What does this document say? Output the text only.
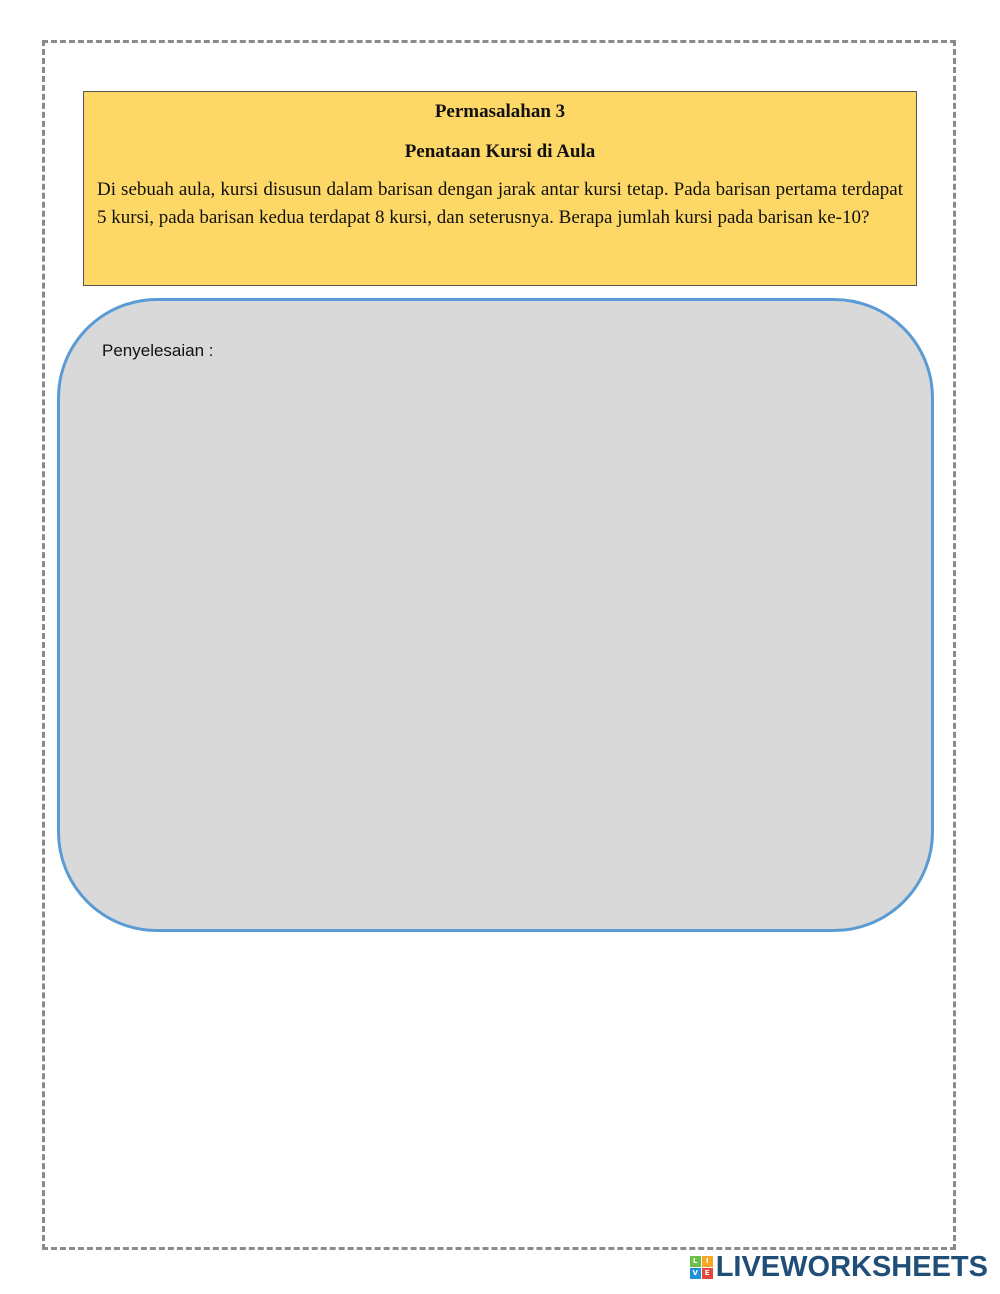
Permasalahan 3

Penataan Kursi di Aula

Di sebuah aula, kursi disusun dalam barisan dengan jarak antar kursi tetap. Pada barisan pertama terdapat 5 kursi, pada barisan kedua terdapat 8 kursi, dan seterusnya. Berapa jumlah kursi pada barisan ke-10?

Penyelesaian :
L	I
V E LIVEWORKSHEETS
